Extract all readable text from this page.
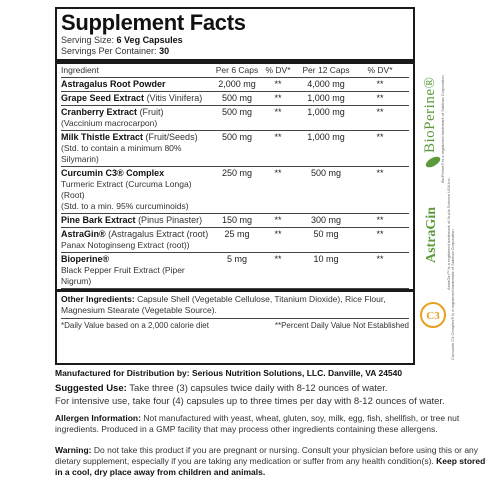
Supplement Facts
Serving Size: 6 Veg Capsules
Servings Per Container: 30
Ingredient	Per 6 Caps % DV*	Per 12 Caps	% DV*
Astragalus Root Powder	2,000 mg	**	4,000 mg	**
Grape Seed Extract (Vitis Vinifera)	500 mg	**	1,000 mg	**
Cranberry Extract (Fruit)
(Vaccinium macrocarpon)
500 mg	**	1,000 mg	**
Milk Thistle Extract (Fruit/Seeds)
(Std. to contain a minimum 80% Silymarin)
500 mg	**	1,000 mg	**
Curcumin C3® Complex
Turmeric Extract (Curcuma Longa) (Root)
(Std. to a min. 95% curcuminoids)
250 mg	**	500 mg	**
Pine Bark Extract (Pinus Pinaster)	150 mg	**	300 mg	**
AstraGin® (Astragalus Extract (root)
Panax Notoginseng Extract (root))
25 mg	**	50 mg	**
Bioperine®
Black Pepper Fruit Extract (Piper Nigrum)
5 mg	**	10 mg	**
Other Ingredients: Capsule Shell (Vegetable Cellulose, Titanium Dioxide), Rice Flour, Magnesium Stearate (Vegetable Source).
*Daily Value based on a 2,000 calorie diet	**Percent Daily Value Not Established
BioPerine® BioPerine® is a registered trademark of Sabinsa Corporation
AstraGin AstraGin™ is a registered trademark of NuLiv Science USA Inc.
C3	Curcumin C3 Complex® is a registered trademark of Sabinsa Corporation
Manufactured for Distribution by: Serious Nutrition Solutions, LLC. Danville, VA 24540
Suggested Use: Take three (3) capsules twice daily with 8-12 ounces of water.
For intensive use, take four (4) capsules up to three times per day with 8-12 ounces of water.
Allergen Information: Not manufactured with yeast, wheat, gluten, soy, milk, egg, fish, shellfish, or tree nut ingredients. Produced in a GMP facility that may process other ingredients containing these allergens.
Warning: Do not take this product if you are pregnant or nursing. Consult your physician before using this or any dietary supplement, especially if you are taking any medication or suffer from any health condition(s). Keep stored in a cool, dry place away from children and animals.
